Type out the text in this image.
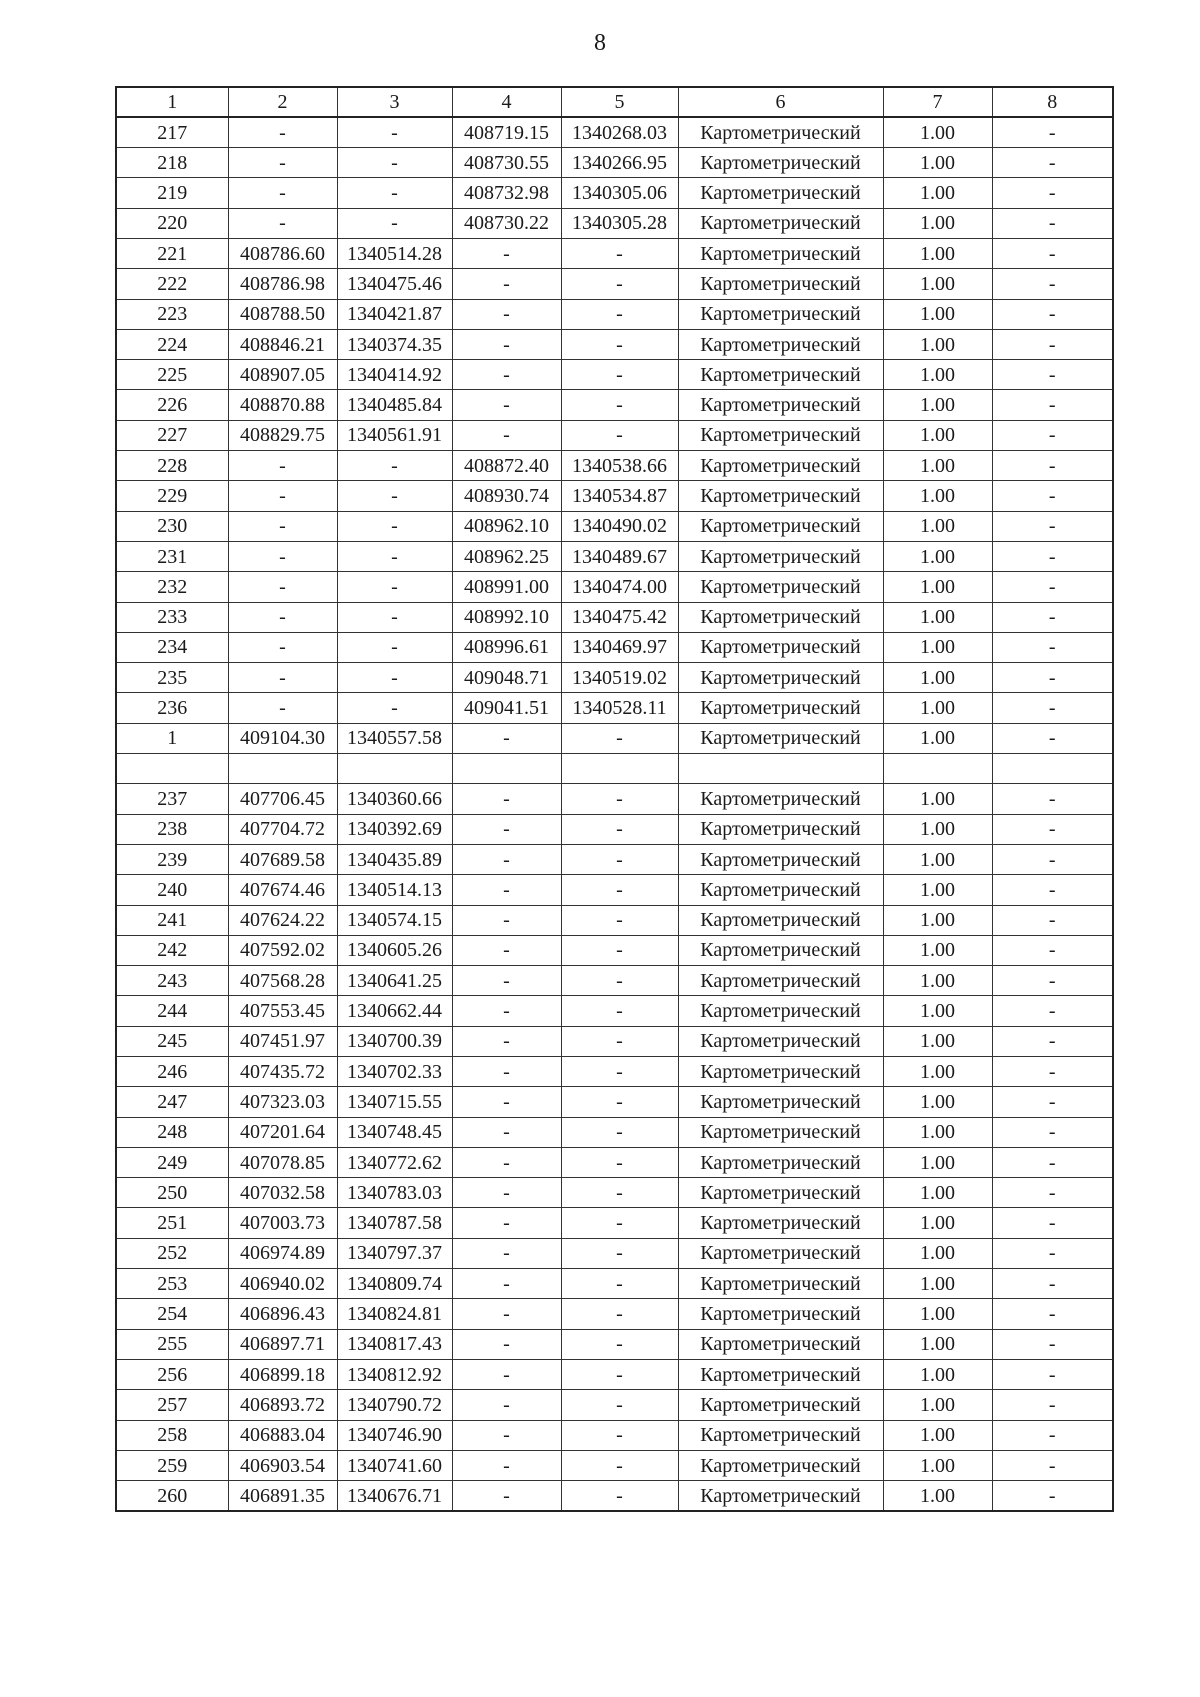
8
1	2	3	4	5	6	7	8
217	-	-	408719.15	1340268.03	Картометрический	1.00	-
218	-	-	408730.55	1340266.95	Картометрический	1.00	-
219	-	-	408732.98	1340305.06	Картометрический	1.00	-
220	-	-	408730.22	1340305.28	Картометрический	1.00	-
221	408786.60	1340514.28	-	-	Картометрический	1.00	-
222	408786.98	1340475.46	-	-	Картометрический	1.00	-
223	408788.50	1340421.87	-	-	Картометрический	1.00	-
224	408846.21	1340374.35	-	-	Картометрический	1.00	-
225	408907.05	1340414.92	-	-	Картометрический	1.00	-
226	408870.88	1340485.84	-	-	Картометрический	1.00	-
227	408829.75	1340561.91	-	-	Картометрический	1.00	-
228	-	-	408872.40	1340538.66	Картометрический	1.00	-
229	-	-	408930.74	1340534.87	Картометрический	1.00	-
230	-	-	408962.10	1340490.02	Картометрический	1.00	-
231	-	-	408962.25	1340489.67	Картометрический	1.00	-
232	-	-	408991.00	1340474.00	Картометрический	1.00	-
233	-	-	408992.10	1340475.42	Картометрический	1.00	-
234	-	-	408996.61	1340469.97	Картометрический	1.00	-
235	-	-	409048.71	1340519.02	Картометрический	1.00	-
236	-	-	409041.51	1340528.11	Картометрический	1.00	-
1	409104.30	1340557.58	-	-	Картометрический	1.00	-

237	407706.45	1340360.66	-	-	Картометрический	1.00	-
238	407704.72	1340392.69	-	-	Картометрический	1.00	-
239	407689.58	1340435.89	-	-	Картометрический	1.00	-
240	407674.46	1340514.13	-	-	Картометрический	1.00	-
241	407624.22	1340574.15	-	-	Картометрический	1.00	-
242	407592.02	1340605.26	-	-	Картометрический	1.00	-
243	407568.28	1340641.25	-	-	Картометрический	1.00	-
244	407553.45	1340662.44	-	-	Картометрический	1.00	-
245	407451.97	1340700.39	-	-	Картометрический	1.00	-
246	407435.72	1340702.33	-	-	Картометрический	1.00	-
247	407323.03	1340715.55	-	-	Картометрический	1.00	-
248	407201.64	1340748.45	-	-	Картометрический	1.00	-
249	407078.85	1340772.62	-	-	Картометрический	1.00	-
250	407032.58	1340783.03	-	-	Картометрический	1.00	-
251	407003.73	1340787.58	-	-	Картометрический	1.00	-
252	406974.89	1340797.37	-	-	Картометрический	1.00	-
253	406940.02	1340809.74	-	-	Картометрический	1.00	-
254	406896.43	1340824.81	-	-	Картометрический	1.00	-
255	406897.71	1340817.43	-	-	Картометрический	1.00	-
256	406899.18	1340812.92	-	-	Картометрический	1.00	-
257	406893.72	1340790.72	-	-	Картометрический	1.00	-
258	406883.04	1340746.90	-	-	Картометрический	1.00	-
259	406903.54	1340741.60	-	-	Картометрический	1.00	-
260	406891.35	1340676.71	-	-	Картометрический	1.00	-
